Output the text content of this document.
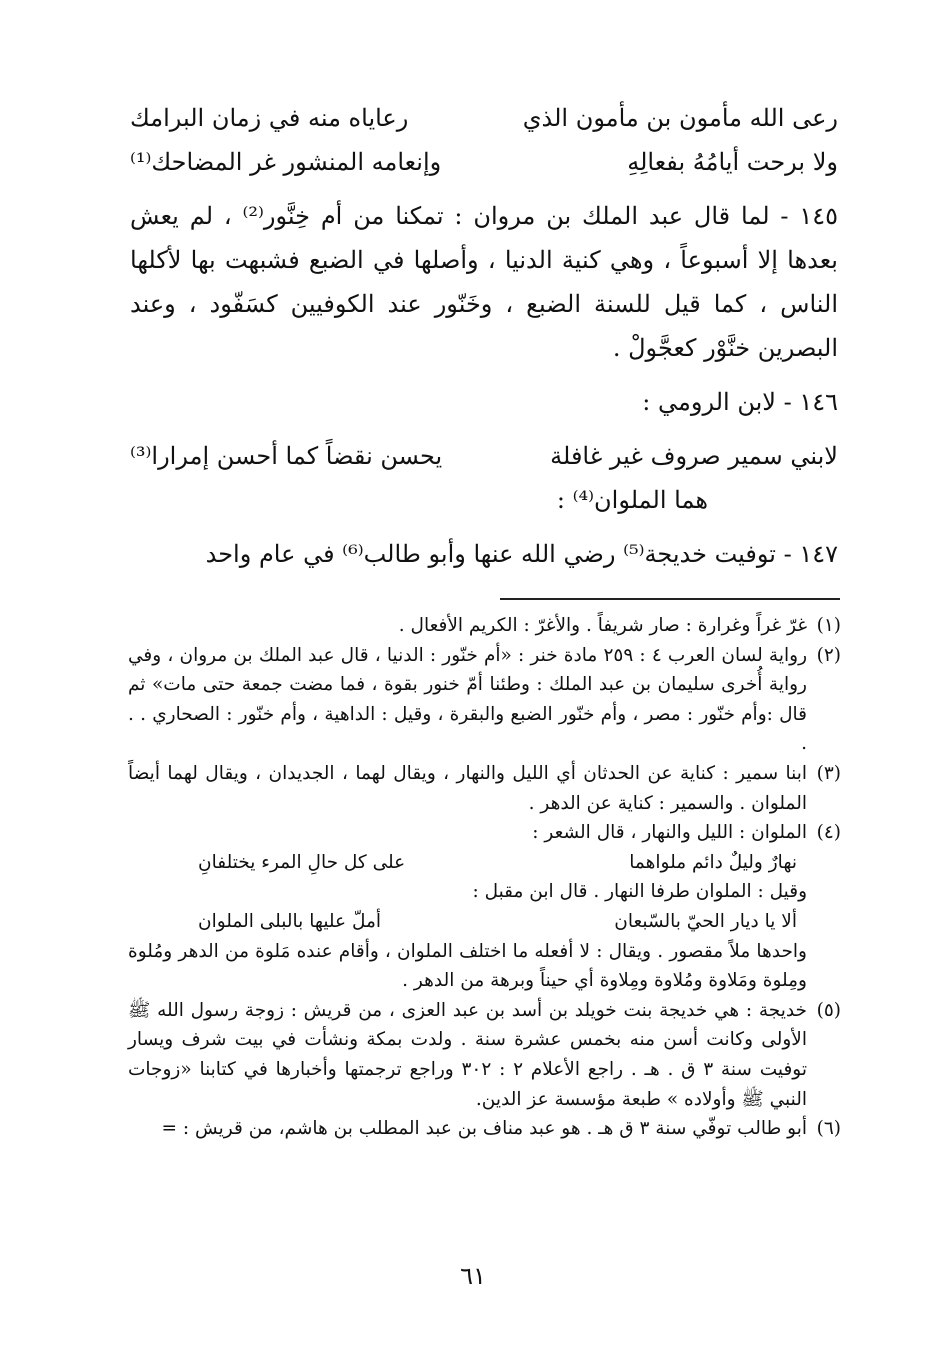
رعى الله مأمون بن مأمون الذي
رعاياه منه في زمان البرامك
ولا برحت أيامُهُ بفعالِهِ
وإنعامه المنشور غر المضاحك⁽¹⁾

١٤٥ - لما قال عبد الملك بن مروان : تمكنا من أم خِنَّور⁽²⁾ ، لم يعش بعدها إلا أسبوعاً ، وهي كنية الدنيا ، وأصلها في الضبع فشبهت بها لأكلها الناس ، كما قيل للسنة الضبع ، وخَنّور عند الكوفيين كسَفّود ، وعند البصرين خنَّوْر كعجَّولْ .

١٤٦ - لابن الرومي :

لابني سمير صروف غير غافلة
يحسن نقضاً كما أحسن إمرارا⁽³⁾

هما الملوان⁽⁴⁾ :

١٤٧ - توفيت خديجة⁽⁵⁾ رضي الله عنها وأبو طالب⁽⁶⁾ في عام واحد

(١)

غرّ غراً وغرارة : صار شريفاً . والأغرّ : الكريم الأفعال .

(٢)

رواية لسان العرب ٤ : ٢٥٩ مادة خنر : «أم خنّور : الدنيا ، قال عبد الملك بن مروان ، وفي رواية أُخرى سليمان بن عبد الملك : وطئنا أمّ خنور بقوة ، فما مضت جمعة حتى مات» ثم قال :وأم خنّور : مصر ، وأم خنّور الضبع والبقرة ، وقيل : الداهية ، وأم خنّور : الصحاري . . .

(٣)

ابنا سمير : كناية عن الحدثان أي الليل والنهار ، ويقال لهما ، الجديدان ، ويقال لهما أيضاً الملوان . والسمير : كناية عن الدهر .

(٤)

الملوان : الليل والنهار ، قال الشعر :

نهارٌ وليلٌ دائم ملواهما
على كل حالِ المرء يختلفانِ

وقيل : الملوان طرفا النهار . قال ابن مقبل :

ألا يا ديار الحيّ بالسّبعان
أملّ عليها بالبلى الملوان

واحدها ملاً مقصور . ويقال : لا أفعله ما اختلف الملوان ، وأقام عنده مَلوة من الدهر ومُلوة ومِلوة ومَلاوة ومُلاوة ومِلاوة أي حيناً وبرهة من الدهر .

(٥)

خديجة : هي خديجة بنت خويلد بن أسد بن عبد العزى ، من قريش : زوجة رسول الله ﷺ الأولى وكانت أسن منه بخمس عشرة سنة . ولدت بمكة ونشأت في بيت شرف ويسار توفيت سنة ٣ ق . هـ . راجع الأعلام ٢ : ٣٠٢ وراجع ترجمتها وأخبارها في كتابنا «زوجات النبي ﷺ وأولاده » طبعة مؤسسة عز الدين.

(٦)

أبو طالب توفّي سنة ٣ ق هـ . هو عبد مناف بن عبد المطلب بن هاشم، من قريش : =

٦١
